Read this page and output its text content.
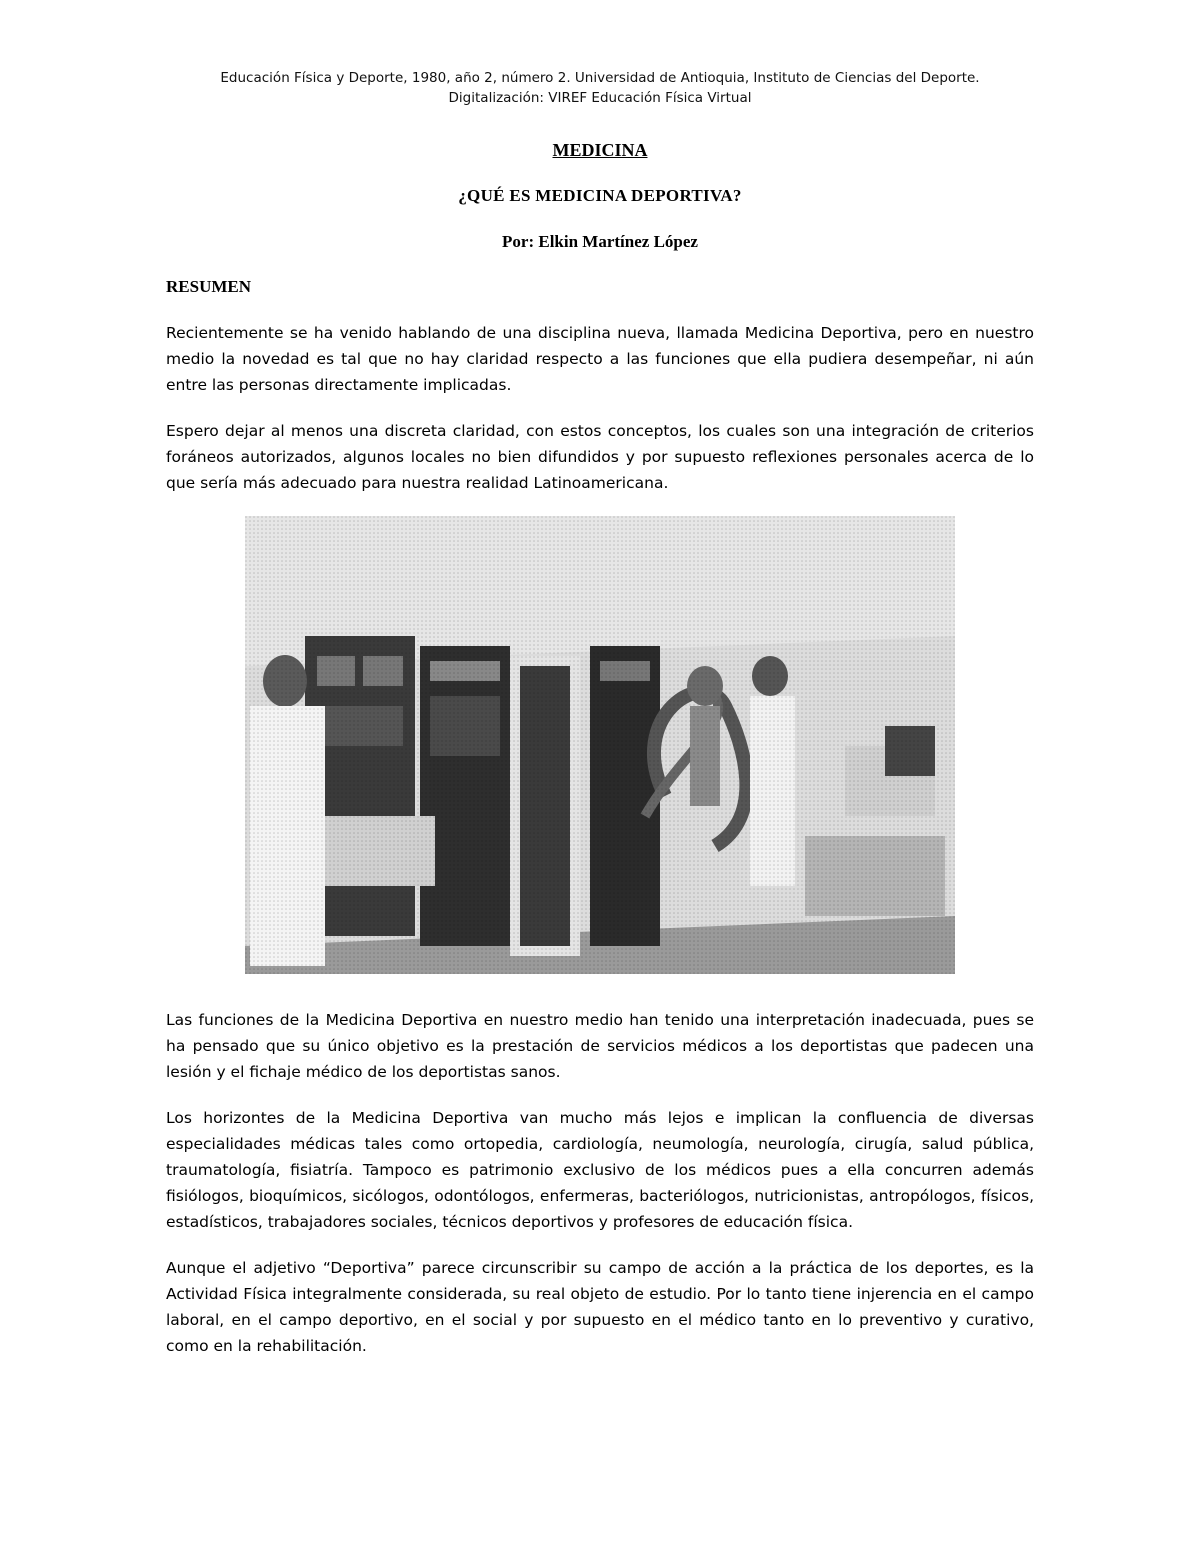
Educación Física y Deporte, 1980, año 2, número 2. Universidad de Antioquia, Instituto de Ciencias del Deporte.
Digitalización: VIREF Educación Física Virtual
MEDICINA
¿QUÉ ES MEDICINA DEPORTIVA?
Por: Elkin Martínez López
RESUMEN

Recientemente se ha venido hablando de una disciplina nueva, llamada Medicina Deportiva, pero en nuestro medio la novedad es tal que no hay claridad respecto a las funciones que ella pudiera desempeñar, ni aún entre las personas directamente implicadas.

Espero dejar al menos una discreta claridad, con estos conceptos, los cuales son una integración de criterios foráneos autorizados, algunos locales no bien difundidos y por supuesto reflexiones personales acerca de lo que sería más adecuado para nuestra realidad Latinoamericana.

Las funciones de la Medicina Deportiva en nuestro medio han tenido una interpretación inadecuada, pues se ha pensado que su único objetivo es la prestación de servicios médicos a los deportistas que padecen una lesión y el fichaje médico de los deportistas sanos.

Los horizontes de la Medicina Deportiva van mucho más lejos e implican la confluencia de diversas especialidades médicas tales como ortopedia, cardiología, neumología, neurología, cirugía, salud pública, traumatología, fisiatría. Tampoco es patrimonio exclusivo de los médicos pues a ella concurren además fisiólogos, bioquímicos, sicólogos, odontólogos, enfermeras, bacteriólogos, nutricionistas, antropólogos, físicos, estadísticos, trabajadores sociales, técnicos deportivos y profesores de educación física.

Aunque el adjetivo “Deportiva” parece circunscribir su campo de acción a la práctica de los deportes, es la Actividad Física integralmente considerada, su real objeto de estudio. Por lo tanto tiene injerencia en el campo laboral, en el campo deportivo, en el social y por supuesto en el médico tanto en lo preventivo y curativo, como en la rehabilitación.
